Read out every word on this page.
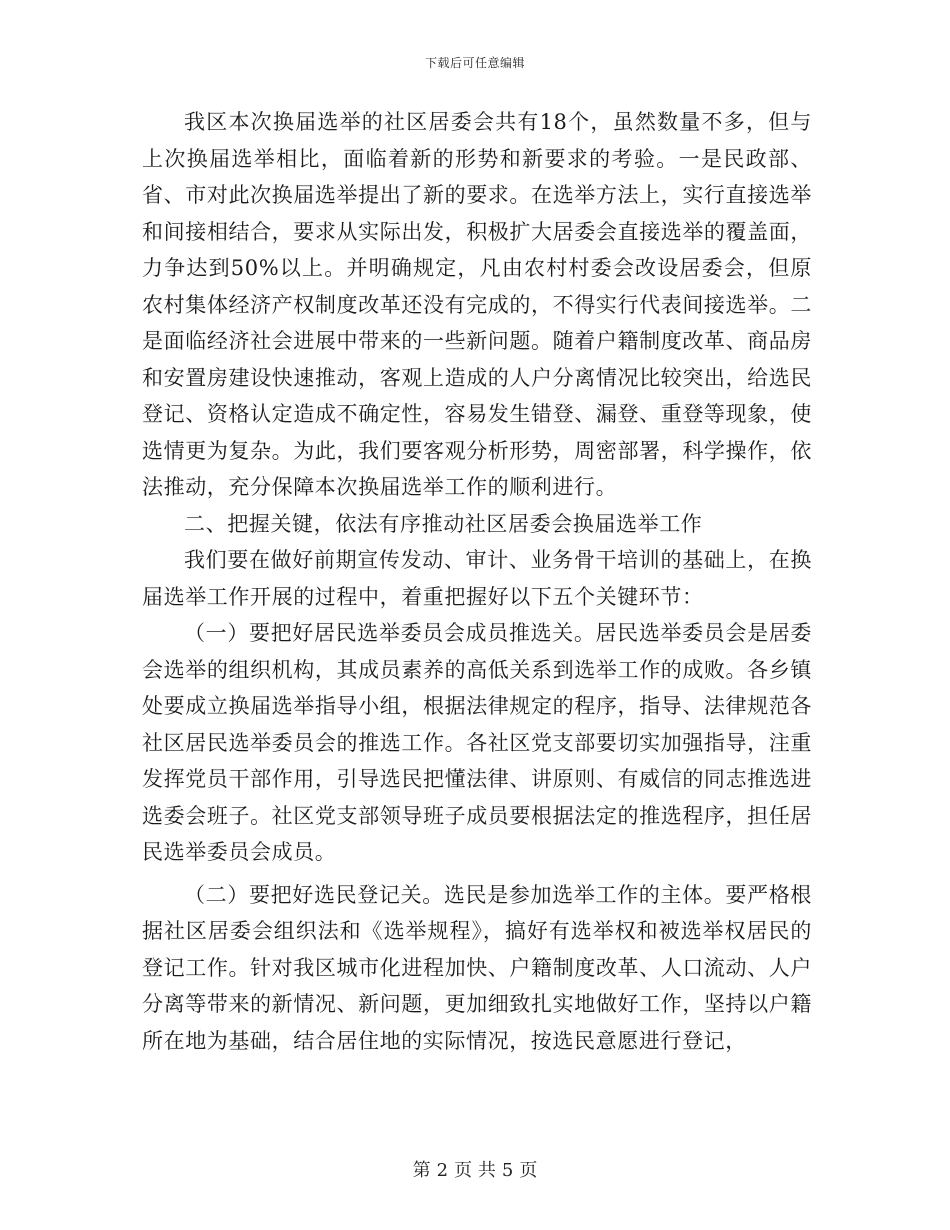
下载后可任意编辑

我区本次换届选举的社区居委会共有18个，虽然数量不多，但与上次换届选举相比，面临着新的形势和新要求的考验。一是民政部、省、市对此次换届选举提出了新的要求。在选举方法上，实行直接选举和间接相结合，要求从实际出发，积极扩大居委会直接选举的覆盖面，力争达到50%以上。并明确规定，凡由农村村委会改设居委会，但原农村集体经济产权制度改革还没有完成的，不得实行代表间接选举。二是面临经济社会进展中带来的一些新问题。随着户籍制度改革、商品房和安置房建设快速推动，客观上造成的人户分离情况比较突出，给选民登记、资格认定造成不确定性，容易发生错登、漏登、重登等现象，使选情更为复杂。为此，我们要客观分析形势，周密部署，科学操作，依法推动，充分保障本次换届选举工作的顺利进行。

二、把握关键，依法有序推动社区居委会换届选举工作

我们要在做好前期宣传发动、审计、业务骨干培训的基础上，在换届选举工作开展的过程中，着重把握好以下五个关键环节：

（一）要把好居民选举委员会成员推选关。居民选举委员会是居委会选举的组织机构，其成员素养的高低关系到选举工作的成败。各乡镇处要成立换届选举指导小组，根据法律规定的程序，指导、法律规范各社区居民选举委员会的推选工作。各社区党支部要切实加强指导，注重发挥党员干部作用，引导选民把懂法律、讲原则、有威信的同志推选进选委会班子。社区党支部领导班子成员要根据法定的推选程序，担任居民选举委员会成员。

（二）要把好选民登记关。选民是参加选举工作的主体。要严格根据社区居委会组织法和《选举规程》，搞好有选举权和被选举权居民的登记工作。针对我区城市化进程加快、户籍制度改革、人口流动、人户分离等带来的新情况、新问题，更加细致扎实地做好工作，坚持以户籍所在地为基础，结合居住地的实际情况，按选民意愿进行登记，

第 2 页 共 5 页
